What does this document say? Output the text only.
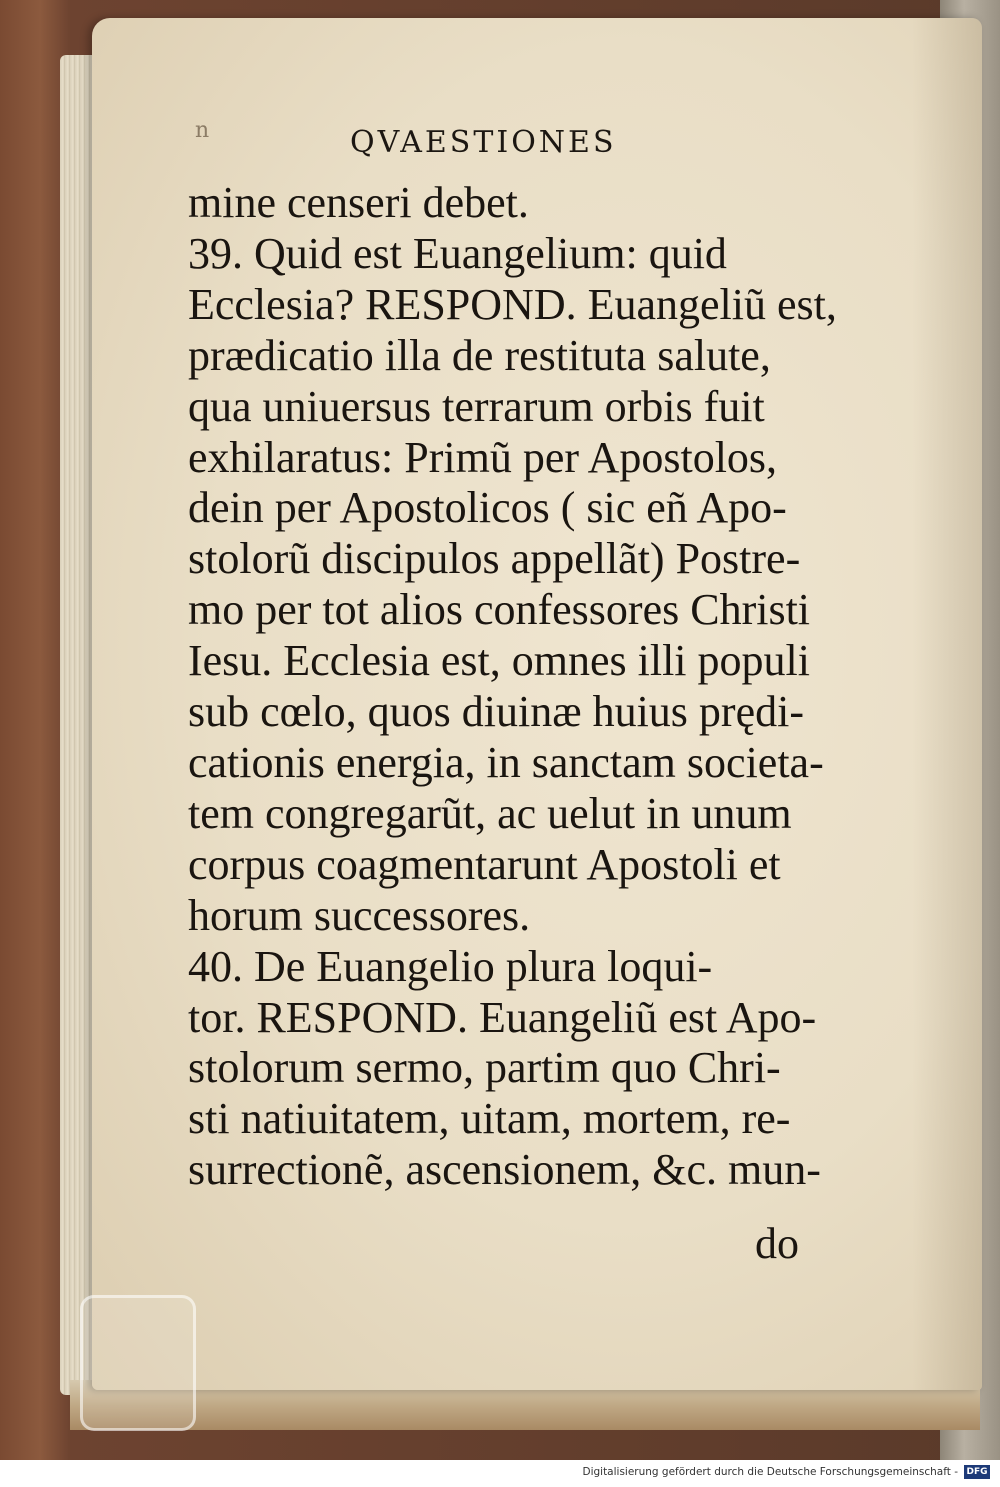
n	QVAESTIONES
mine censeri debet.
39. Quid est Euangelium: quid
Ecclesia? RESPOND. Euangeliũ est,
prædicatio illa de restituta salute,
qua uniuersus terrarum orbis fuit
exhilaratus: Primũ per Apostolos,
dein per Apostolicos ( sic eñ Apo-
stolorũ discipulos appellãt) Postre-
mo per tot alios confessores Christi
Iesu. Ecclesia est, omnes illi populi
sub cœlo, quos diuinæ huius prędi-
cationis energia, in sanctam societa-
tem congregarũt, ac uelut in unum
corpus coagmentarunt Apostoli et
horum successores.
40. De Euangelio plura loqui-
tor. RESPOND. Euangeliũ est Apo-
stolorum sermo, partim quo Chri-
sti natiuitatem, uitam, mortem, re-
surrectionẽ, ascensionem, &c. mun-
do
Digitalisierung gefördert durch die Deutsche Forschungsgemeinschaft - DFG
